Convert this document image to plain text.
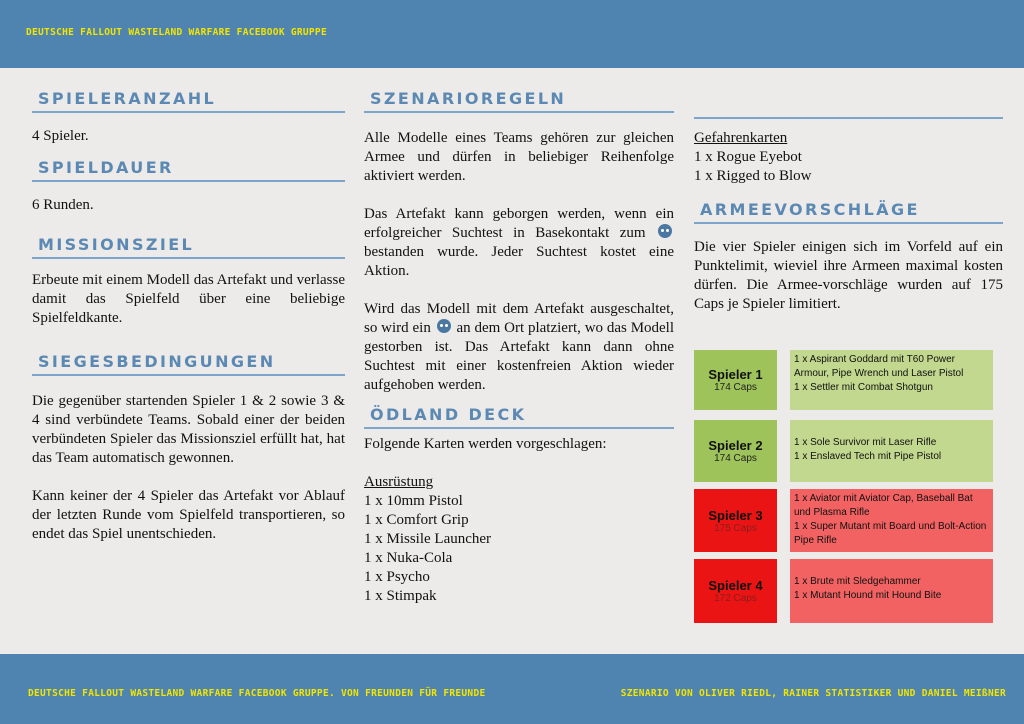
DEUTSCHE FALLOUT WASTELAND WARFARE FACEBOOK GRUPPE
SPIELERANZAHL

4 Spieler.

SPIELDAUER

6 Runden.

MISSIONSZIEL

Erbeute mit einem Modell das Artefakt und verlasse damit das Spielfeld über eine beliebige Spielfeldkante.

SIEGESBEDINGUNGEN

Die gegenüber startenden Spieler 1 & 2 sowie 3 & 4 sind verbündete Teams. Sobald einer der beiden verbündeten Spieler das Missionsziel erfüllt hat, hat das Team automatisch gewonnen.

Kann keiner der 4 Spieler das Artefakt vor Ablauf der letzten Runde vom Spielfeld transportieren, so endet das Spiel unentschieden.

SZENARIOREGELN

Alle Modelle eines Teams gehören zur gleichen Armee und dürfen in beliebiger Reihenfolge aktiviert werden.

Das Artefakt kann geborgen werden, wenn ein erfolgreicher Suchtest in Basekontakt zum  bestanden wurde. Jeder Suchtest kostet eine Aktion.

Wird das Modell mit dem Artefakt ausgeschaltet, so wird ein an dem Ort platziert, wo das Modell gestorben ist. Das Artefakt kann dann ohne Suchtest mit einer kostenfreien Aktion wieder aufgehoben werden.

ÖDLAND DECK

Folgende Karten werden vorgeschlagen:

Ausrüstung

1 x 10mm Pistol

1 x Comfort Grip

1 x Missile Launcher

1 x Nuka-Cola

1 x Psycho

1 x Stimpak

Gefahrenkarten

1 x Rogue Eyebot

1 x Rigged to Blow

ARMEEVORSCHLÄGE

Die vier Spieler einigen sich im Vorfeld auf ein Punktelimit, wieviel ihre Armeen maximal kosten dürfen. Die Armee-vorschläge wurden auf 175 Caps je Spieler limitiert.

Spieler 1
174 Caps
1 x Aspirant Goddard mit T60 Power Armour, Pipe Wrench und Laser Pistol
1 x Settler mit Combat Shotgun
Spieler 2
174 Caps
1 x Sole Survivor mit Laser Rifle
1 x Enslaved Tech mit Pipe Pistol
Spieler 3
175 Caps
1 x Aviator mit Aviator Cap, Baseball Bat und Plasma Rifle
1 x Super Mutant mit Board und Bolt-Action Pipe Rifle
Spieler 4
172 Caps
1 x Brute mit Sledgehammer
1 x Mutant Hound mit Hound Bite
DEUTSCHE FALLOUT WASTELAND WARFARE FACEBOOK GRUPPE. VON FREUNDEN FÜR FREUNDE	SZENARIO VON OLIVER RIEDL, RAINER STATISTIKER UND DANIEL MEIßNER
